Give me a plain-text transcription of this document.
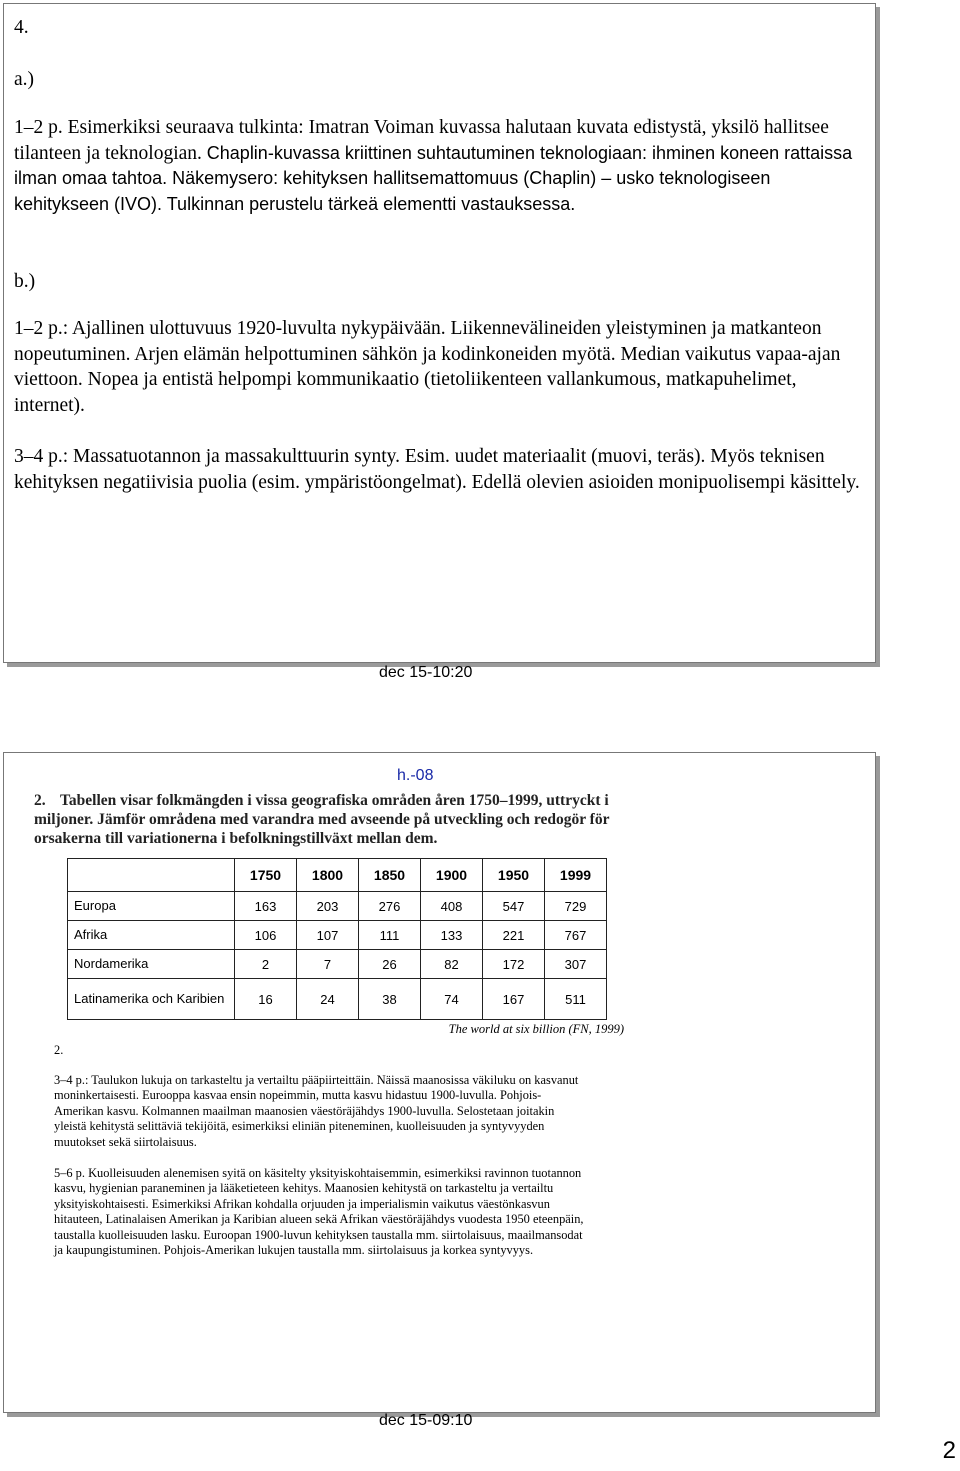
4.

a.)

1–2 p. Esimerkiksi seuraava tulkinta: Imatran Voiman kuvassa halutaan kuvata edistystä, yksilö hallitsee tilanteen ja teknologian. Chaplin-kuvassa kriittinen suhtautuminen teknologiaan: ihminen koneen rattaissa ilman omaa tahtoa. Näkemysero: kehityksen hallitsemattomuus (Chaplin) – usko teknologiseen kehitykseen (IVO). Tulkinnan perustelu tärkeä elementti vastauksessa.

b.)

1–2 p.: Ajallinen ulottuvuus 1920-luvulta nykypäivään. Liikennevälineiden yleistyminen ja matkanteon nopeutuminen. Arjen elämän helpottuminen sähkön ja kodinkoneiden myötä. Median vaikutus vapaa-ajan viettoon. Nopea ja entistä helpompi kommunikaatio (tietoliikenteen vallankumous, matkapuhelimet, internet).

3–4 p.: Massatuotannon ja massakulttuurin synty. Esim. uudet materiaalit (muovi, teräs). Myös teknisen kehityksen negatiivisia puolia (esim. ympäristöongelmat). Edellä olevien asioiden monipuolisempi käsittely.

dec 15-10:20
h.-08

2. Tabellen visar folkmängden i vissa geografiska områden åren 1750–1999, uttryckt i miljoner. Jämför områdena med varandra med avseende på utveckling och redogör för orsakerna till variationerna i befolkningstillväxt mellan dem.

	1750	1800	1850	1900	1950	1999
Europa	163	203	276	408	547	729
Afrika	106	107	111	133	221	767
Nordamerika	2	7	26	82	172	307
Latinamerika och Karibien	16	24	38	74	167	511
The world at six billion (FN, 1999)

2.

3–4 p.: Taulukon lukuja on tarkasteltu ja vertailtu pääpiirteittäin. Näissä maanosissa väkiluku on kasvanut moninkertaisesti. Eurooppa kasvaa ensin nopeimmin, mutta kasvu hidastuu 1900-luvulla. Pohjois-Amerikan kasvu. Kolmannen maailman maanosien väestöräjähdys 1900-luvulla. Selostetaan joitakin yleistä kehitystä selittäviä tekijöitä, esimerkiksi eliniän piteneminen, kuolleisuuden ja syntyvyyden muutokset sekä siirtolaisuus.

5–6 p. Kuolleisuuden alenemisen syitä on käsitelty yksityiskohtaisemmin, esimerkiksi ravinnon tuotannon kasvu, hygienian paraneminen ja lääketieteen kehitys. Maanosien kehitystä on tarkasteltu ja vertailtu yksityiskohtaisesti. Esimerkiksi Afrikan kohdalla orjuuden ja imperialismin vaikutus väestönkasvun hitauteen, Latinalaisen Amerikan ja Karibian alueen sekä Afrikan väestöräjähdys vuodesta 1950 eteenpäin, taustalla kuolleisuuden lasku. Euroopan 1900-luvun kehityksen taustalla mm. siirtolaisuus, maailmansodat ja kaupungistuminen. Pohjois-Amerikan lukujen taustalla mm. siirtolaisuus ja korkea syntyvyys.

dec 15-09:10
2
